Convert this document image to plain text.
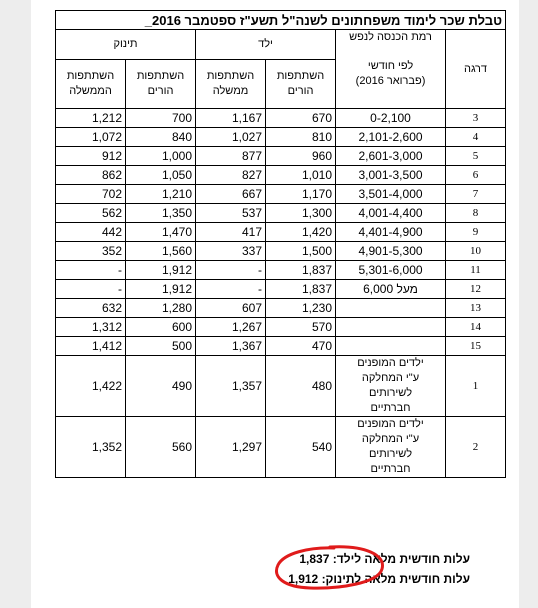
טבלת שכר לימוד משפחתונים לשנה"ל תשע"ז ספטמבר 2016_					
דרגה	רמת הכנסה לנפש
לפי חודשי
(פברואר 2016)	ילד		תינוק	
		השתתפות הורים	השתתפות ממשלה	השתתפות הורים	השתתפות הממשלה
3	0-2,100	670	1,167	700	1,212
4	2,101-2,600	810	1,027	840	1,072
5	2,601-3,000	960	877	1,000	912
6	3,001-3,500	1,010	827	1,050	862
7	3,501-4,000	1,170	667	1,210	702
8	4,001-4,400	1,300	537	1,350	562
9	4,401-4,900	1,420	417	1,470	442
10	4,901-5,300	1,500	337	1,560	352
11	5,301-6,000	1,837	-	1,912	-
12	מעל 6,000	1,837	-	1,912	-
13		1,230	607	1,280	632
14		570	1,267	600	1,312
15		470	1,367	500	1,412
1	ילדים המופנים
ע"י המחלקה
לשירותים
חברתיים	480	1,357	490	1,422
2	ילדים המופנים
ע"י המחלקה
לשירותים
חברתיים	540	1,297	560	1,352
עלות חודשית מלאה לילד: 1,837
עלות חודשית מלאה לתינוק: 1,912
